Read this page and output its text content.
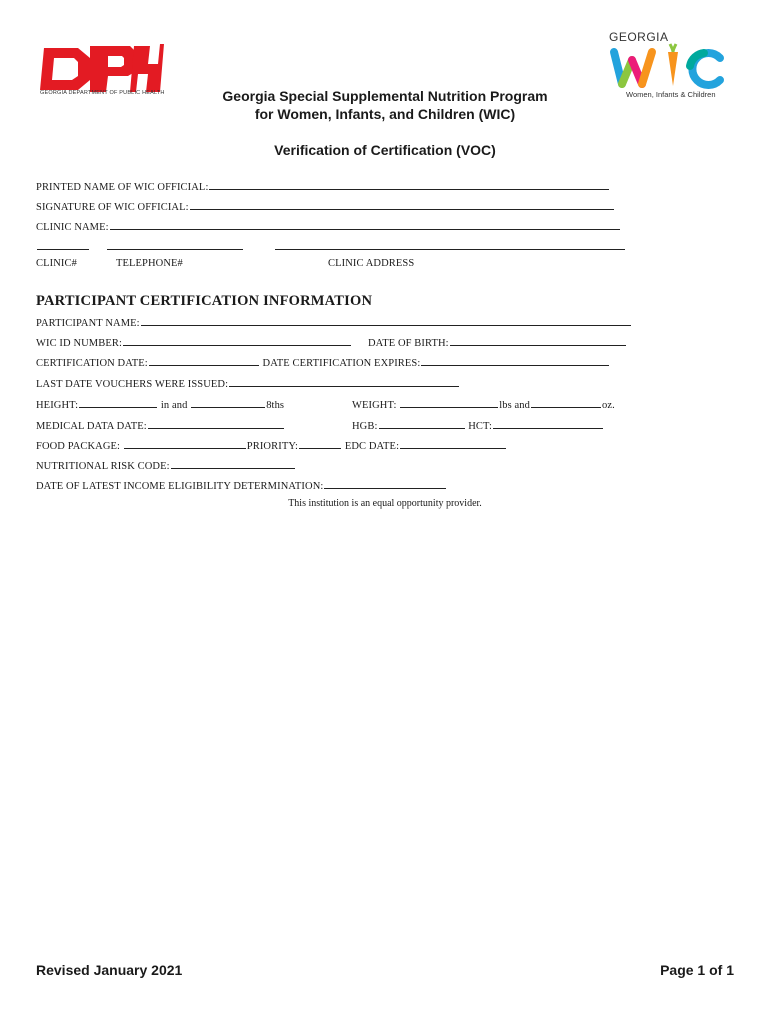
GEORGIA DEPARTMENT OF PUBLIC HEALTH
GEORGIA
Women, Infants & Children
Georgia Special Supplemental Nutrition Program
for Women, Infants, and Children (WIC)
Verification of Certification (VOC)
PRINTED NAME OF WIC OFFICIAL:
SIGNATURE OF WIC OFFICIAL:
CLINIC NAME:
CLINIC#	TELEPHONE#	CLINIC ADDRESS
PARTICIPANT CERTIFICATION INFORMATION
PARTICIPANT NAME:
WIC ID NUMBER:	DATE OF BIRTH:
CERTIFICATION DATE:	DATE CERTIFICATION EXPIRES:
LAST DATE VOUCHERS WERE ISSUED:
HEIGHT:	in and	8ths	WEIGHT:	lbs and	oz.
MEDICAL DATA DATE:	HGB:	HCT:
FOOD PACKAGE:	PRIORITY:	EDC DATE:
NUTRITIONAL RISK CODE:
DATE OF LATEST INCOME ELIGIBILITY DETERMINATION:
This institution is an equal opportunity provider.
Revised January 2021	Page 1 of 1
